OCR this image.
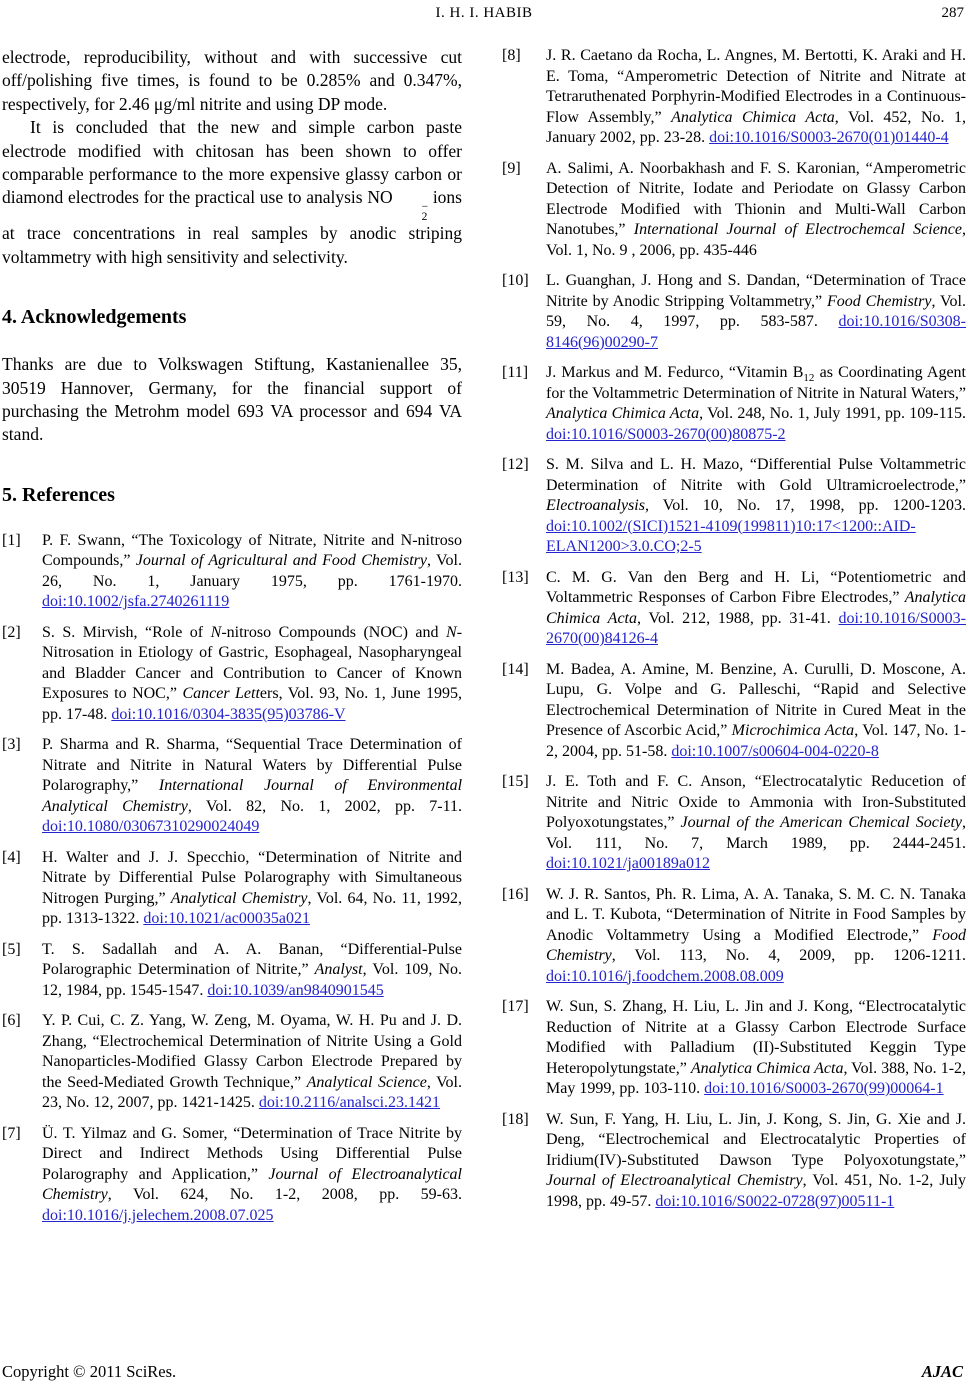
I. H. I. HABIB	287

electrode, reproducibility, without and with successive cut off/polishing five times, is found to be 0.285% and 0.347%, respectively, for 2.46 μg/ml nitrite and using DP mode.

It is concluded that the new and simple carbon paste electrode modified with chitosan has been shown to offer comparable performance to the more expensive glassy carbon or diamond electrodes for the practical use to analysis NO	−
2
ions at trace concentrations in real samples by anodic striping voltammetry with high sensitivity and selectivity.

4. Acknowledgements

Thanks are due to Volkswagen Stiftung, Kastanienallee 35, 30519 Hannover, Germany, for the financial support of purchasing the Metrohm model 693 VA processor and 694 VA stand.

5. References
[1] P. F. Swann, “The Toxicology of Nitrate, Nitrite and N-nitroso Compounds,” Journal of Agricultural and Food Chemistry, Vol. 26, No. 1, January 1975, pp. 1761-1970. doi:10.1002/jsfa.2740261119
[2] S. S. Mirvish, “Role of N-nitroso Compounds (NOC) and N-Nitrosation in Etiology of Gastric, Esophageal, Nasopharyngeal and Bladder Cancer and Contribution to Cancer of Known Exposures to NOC,” Cancer Letters, Vol. 93, No. 1, June 1995, pp. 17-48. doi:10.1016/0304-3835(95)03786-V
[3] P. Sharma and R. Sharma, “Sequential Trace Determination of Nitrate and Nitrite in Natural Waters by Differential Pulse Polarography,” International Journal of Environmental Analytical Chemistry, Vol. 82, No. 1, 2002, pp. 7-11. doi:10.1080/03067310290024049
[4] H. Walter and J. J. Specchio, “Determination of Nitrite and Nitrate by Differential Pulse Polarography with Simultaneous Nitrogen Purging,” Analytical Chemistry, Vol. 64, No. 11, 1992, pp. 1313-1322. doi:10.1021/ac00035a021
[5] T. S. Sadallah and A. A. Banan, “Differential-Pulse Polarographic Determination of Nitrite,” Analyst, Vol. 109, No. 12, 1984, pp. 1545-1547. doi:10.1039/an9840901545
[6] Y. P. Cui, C. Z. Yang, W. Zeng, M. Oyama, W. H. Pu and J. D. Zhang, “Electrochemical Determination of Nitrite Using a Gold Nanoparticles-Modified Glassy Carbon Electrode Prepared by the Seed-Mediated Growth Technique,” Analytical Science, Vol. 23, No. 12, 2007, pp. 1421-1425. doi:10.2116/analsci.23.1421
[7] Ü. T. Yilmaz and G. Somer, “Determination of Trace Nitrite by Direct and Indirect Methods Using Differential Pulse Polarography and Application,” Journal of Electroanalytical Chemistry, Vol. 624, No. 1-2, 2008, pp. 59-63. doi:10.1016/j.jelechem.2008.07.025
[8] J. R. Caetano da Rocha, L. Angnes, M. Bertotti, K. Araki and H. E. Toma, “Amperometric Detection of Nitrite and Nitrate at Tetraruthenated Porphyrin-Modified Electrodes in a Continuous-Flow Assembly,” Analytica Chimica Acta, Vol. 452, No. 1, January 2002, pp. 23-28. doi:10.1016/S0003-2670(01)01440-4
[9] A. Salimi, A. Noorbakhash and F. S. Karonian, “Amperometric Detection of Nitrite, Iodate and Periodate on Glassy Carbon Electrode Modified with Thionin and Multi-Wall Carbon Nanotubes,” International Journal of Electrochemcal Science, Vol. 1, No. 9 , 2006, pp. 435-446
[10] L. Guanghan, J. Hong and S. Dandan, “Determination of Trace Nitrite by Anodic Stripping Voltammetry,” Food Chemistry, Vol. 59, No. 4, 1997, pp. 583-587. doi:10.1016/S0308-8146(96)00290-7
[11] J. Markus and M. Fedurco, “Vitamin $B_{12}$ as Coordinating Agent for the Voltammetric Determination of Nitrite in Natural Waters,” Analytica Chimica Acta, Vol. 248, No. 1, July 1991, pp. 109-115. doi:10.1016/S0003-2670(00)80875-2
[12] S. M. Silva and L. H. Mazo, “Differential Pulse Voltammetric Determination of Nitrite with Gold Ultramicroelectrode,” Electroanalysis, Vol. 10, No. 17, 1998, pp. 1200-1203. doi:10.1002/(SICI)1521-4109(199811)10:17<1200::AID-ELAN1200>3.0.CO;2-5
[13] C. M. G. Van den Berg and H. Li, “Potentiometric and Voltammetric Responses of Carbon Fibre Electrodes,” Analytica Chimica Acta, Vol. 212, 1988, pp. 31-41. doi:10.1016/S0003-2670(00)84126-4
[14] M. Badea, A. Amine, M. Benzine, A. Curulli, D. Moscone, A. Lupu, G. Volpe and G. Palleschi, “Rapid and Selective Electrochemical Determination of Nitrite in Cured Meat in the Presence of Ascorbic Acid,” Microchimica Acta, Vol. 147, No. 1-2, 2004, pp. 51-58. doi:10.1007/s00604-004-0220-8
[15] J. E. Toth and F. C. Anson, “Electrocatalytic Reducetion of Nitrite and Nitric Oxide to Ammonia with Iron-Substituted Polyoxotungstates,” Journal of the American Chemical Society, Vol. 111, No. 7, March 1989, pp. 2444-2451. doi:10.1021/ja00189a012
[16] W. J. R. Santos, Ph. R. Lima, A. A. Tanaka, S. M. C. N. Tanaka and L. T. Kubota, “Determination of Nitrite in Food Samples by Anodic Voltammetry Using a Modified Electrode,” Food Chemistry, Vol. 113, No. 4, 2009, pp. 1206-1211. doi:10.1016/j.foodchem.2008.08.009
[17] W. Sun, S. Zhang, H. Liu, L. Jin and J. Kong, “Electrocatalytic Reduction of Nitrite at a Glassy Carbon Electrode Surface Modified with Palladium (II)-Substituted Keggin Type Heteropolytungstate,” Analytica Chimica Acta, Vol. 388, No. 1-2, May 1999, pp. 103-110. doi:10.1016/S0003-2670(99)00064-1
[18] W. Sun, F. Yang, H. Liu, L. Jin, J. Kong, S. Jin, G. Xie and J. Deng, “Electrochemical and Electrocatalytic Properties of Iridium(IV)-Substituted Dawson Type Polyoxotungstate,” Journal of Electroanalytical Chemistry, Vol. 451, No. 1-2, July 1998, pp. 49-57. doi:10.1016/S0022-0728(97)00511-1
Copyright © 2011 SciRes.	AJAC
